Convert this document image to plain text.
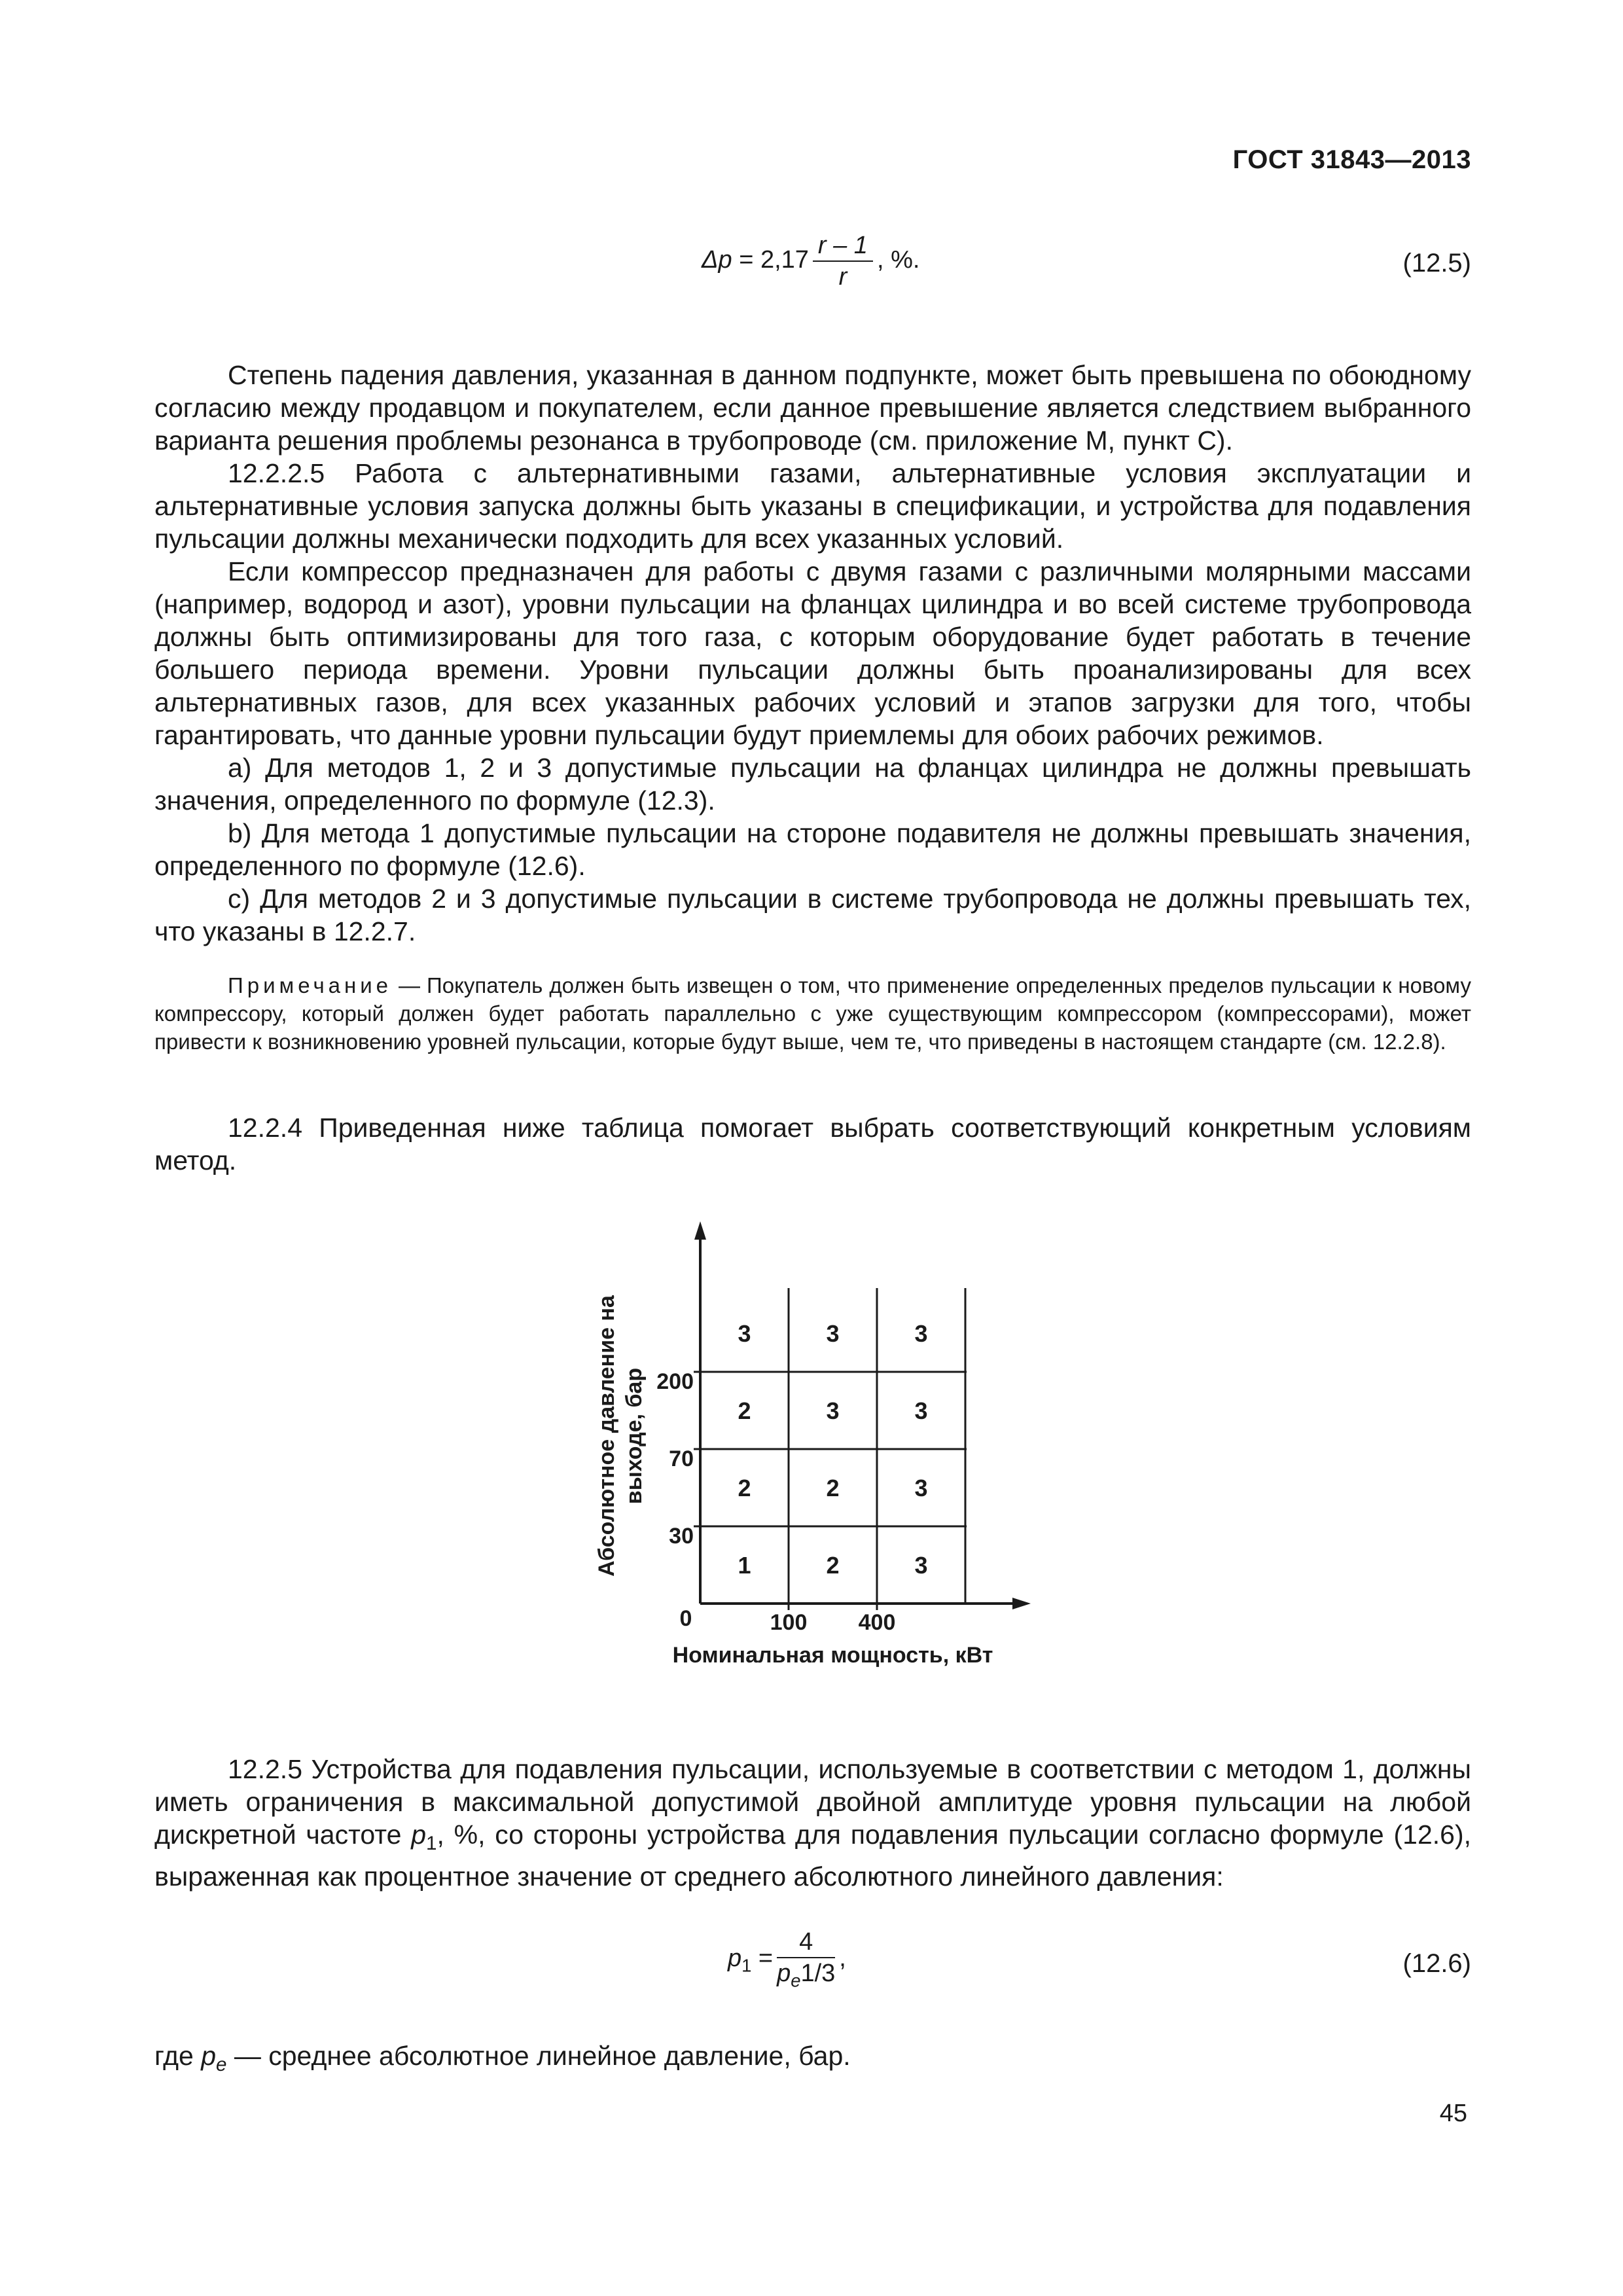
ГОСТ 31843—2013
$\Delta p = 2,17 \frac{r - 1}{r}$ , %.	(12.5)

Степень падения давления, указанная в данном подпункте, может быть превышена по обоюдному согласию между продавцом и покупателем, если данное превышение является следствием выбранного варианта решения проблемы резонанса в трубопроводе (см. приложение М, пункт С).

12.2.2.5 Работа с альтернативными газами, альтернативные условия эксплуатации и альтернативные условия запуска должны быть указаны в спецификации, и устройства для подавления пульсации должны механически подходить для всех указанных условий.

Если компрессор предназначен для работы с двумя газами с различными молярными массами (например, водород и азот), уровни пульсации на фланцах цилиндра и во всей системе трубопровода должны быть оптимизированы для того газа, с которым оборудование будет работать в течение большего периода времени. Уровни пульсации должны быть проанализированы для всех альтернативных газов, для всех указанных рабочих условий и этапов загрузки для того, чтобы гарантировать, что данные уровни пульсации будут приемлемы для обоих рабочих режимов.

а) Для методов 1, 2 и 3 допустимые пульсации на фланцах цилиндра не должны превышать значения, определенного по формуле (12.3).

b) Для метода 1 допустимые пульсации на стороне подавителя не должны превышать значения, определенного по формуле (12.6).

с) Для методов 2 и 3 допустимые пульсации в системе трубопровода не должны превышать тех, что указаны в 12.2.7.

Примечание — Покупатель должен быть извещен о том, что применение определенных пределов пульсации к новому компрессору, который должен будет работать параллельно с уже существующим компрессором (компрессорами), может привести к возникновению уровней пульсации, которые будут выше, чем те, что приведены в настоящем стандарте (см. 12.2.8).

12.2.4 Приведенная ниже таблица помогает выбрать соответствующий конкретным условиям метод.

1	2	3
2	2	3
2	3	3
3	3	3
30
70
200
100 400
0
Номинальная мощность, кВт
Абсолютное давление на выходе, бар

12.2.5 Устройства для подавления пульсации, используемые в соответствии с методом 1, должны иметь ограничения в максимальной допустимой двойной амплитуде уровня пульсации на любой дискретной частоте $p_1$, %, со стороны устройства для подавления пульсации согласно формуле (12.6), выраженная как процентное значение от среднего абсолютного линейного давления:

$p_1 = \frac{4}{p_e1/3}$ ,	(12.6)
где $p_e$ — среднее абсолютное линейное давление, бар.
45
